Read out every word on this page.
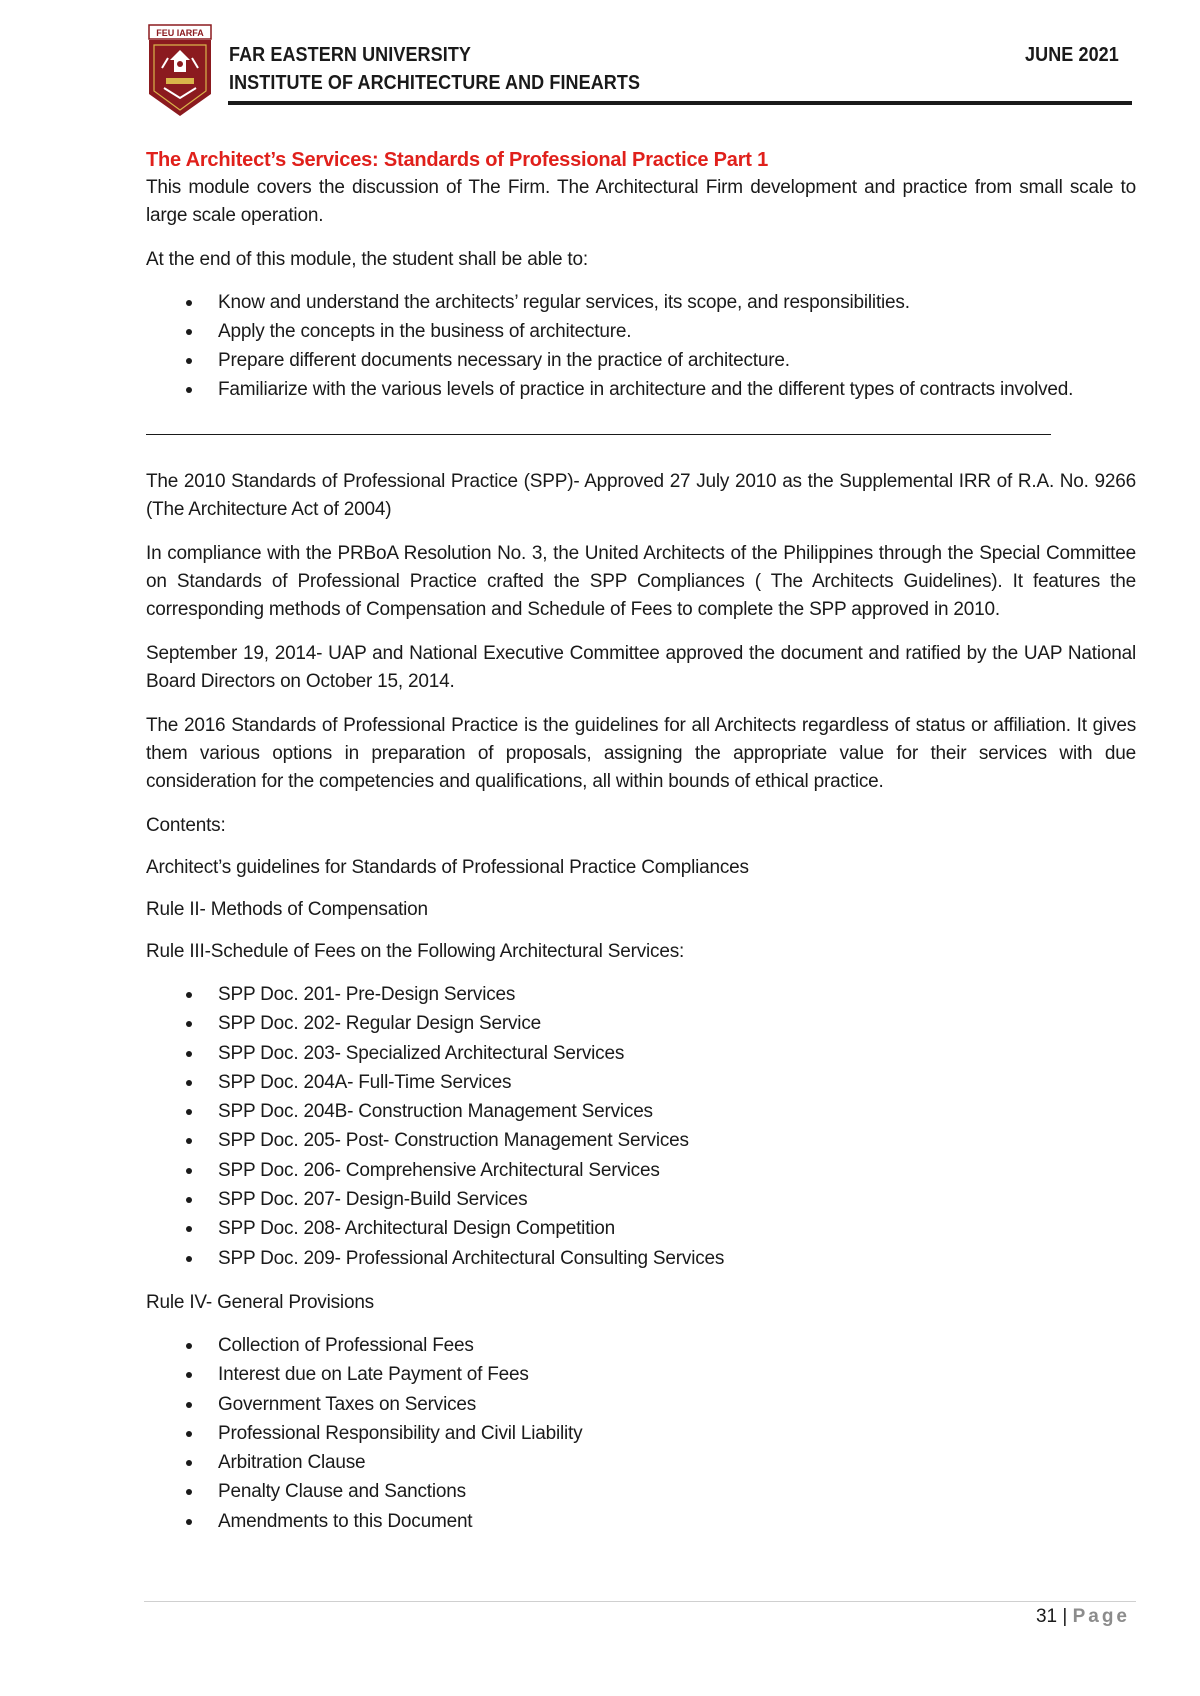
FEU IARFA
FAR EASTERN UNIVERSITY
INSTITUTE OF ARCHITECTURE AND FINEARTS
JUNE 2021
The Architect’s Services: Standards of Professional Practice Part 1

This module covers the discussion of The Firm. The Architectural Firm development and practice from small scale to large scale operation.

At the end of this module, the student shall be able to:

Know and understand the architects’ regular services, its scope, and responsibilities.
Apply the concepts in the business of architecture.
Prepare different documents necessary in the practice of architecture.
Familiarize with the various levels of practice in architecture and the different types of contracts involved.

The 2010 Standards of Professional Practice (SPP)- Approved 27 July 2010 as the Supplemental IRR of R.A. No. 9266 (The Architecture Act of 2004)

In compliance with the PRBoA Resolution No. 3, the United Architects of the Philippines through the Special Committee on Standards of Professional Practice crafted the SPP Compliances ( The Architects Guidelines). It features the corresponding methods of Compensation and Schedule of Fees to complete the SPP approved in 2010.

September 19, 2014- UAP and National Executive Committee approved the document and ratified by the UAP National Board Directors on October 15, 2014.

The 2016 Standards of Professional Practice is the guidelines for all Architects regardless of status or affiliation. It gives them various options in preparation of proposals, assigning the appropriate value for their services with due consideration for the competencies and qualifications, all within bounds of ethical practice.

Contents:

Architect’s guidelines for Standards of Professional Practice Compliances

Rule II- Methods of Compensation

Rule III-Schedule of Fees on the Following Architectural Services:

SPP Doc. 201- Pre-Design Services
SPP Doc. 202- Regular Design Service
SPP Doc. 203- Specialized Architectural Services
SPP Doc. 204A- Full-Time Services
SPP Doc. 204B- Construction Management Services
SPP Doc. 205- Post- Construction Management Services
SPP Doc. 206- Comprehensive Architectural Services
SPP Doc. 207- Design-Build Services
SPP Doc. 208- Architectural Design Competition
SPP Doc. 209- Professional Architectural Consulting Services

Rule IV- General Provisions

Collection of Professional Fees
Interest due on Late Payment of Fees
Government Taxes on Services
Professional Responsibility and Civil Liability
Arbitration Clause
Penalty Clause and Sanctions
Amendments to this Document
31 | Page
